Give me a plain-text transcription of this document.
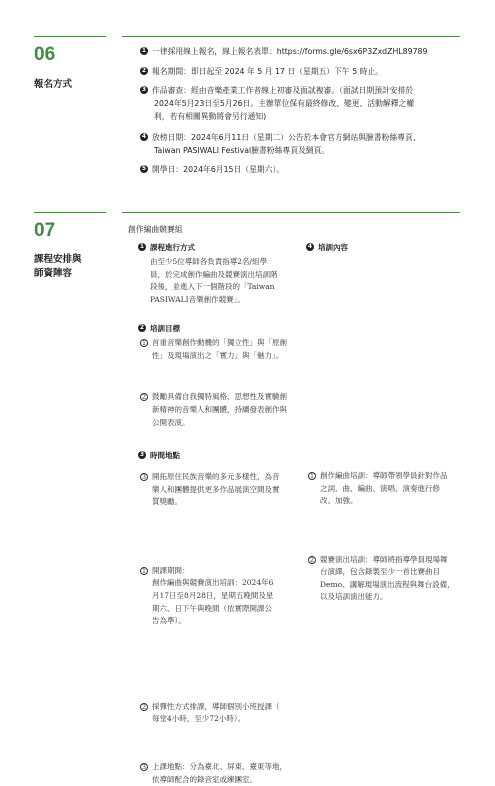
06
報名方式
1 一律採用線上報名，線上報名表單：https://forms.gle/6sx6P3ZxdZHL89789
2 報名期間：即日起至 2024 年 5 月 17 日（星期五）下午 5 時止。
3 作品審查：經由音樂產業工作者線上初審及面試複審。（面試日期預計安排於
2024年5月23日至5月26日。主辦單位保有最終修改、變更、活動解釋之權
利，若有相關異動將會另行通知)
4 放榜日期：2024年6月11日（星期二）公告於本會官方網站與臉書粉絲專頁、
Taiwan PASIWALI Festival臉書粉絲專頁及網頁。
5 開學日：2024年6月15日（星期六）。
07
課程安排與
師資陣容
創作編曲競賽組
1 課程進行方式
由至少5位導師各負責指導2名/組學
員，於完成創作編曲及競賽演出培訓階
段後，並進入下一個階段的「Taiwan
PASIWALI音樂創作競賽」。
2 培訓目標
1 首重音樂創作動機的「獨立性」與「原創
性」及現場演出之「實力」與「魅力」。
2 鼓勵具備自我獨特風格、思想性及實驗創
新精神的音樂人和團體，持續發表創作與
公開表演。
3 開拓原住民族音樂的多元多樣性，為音
樂人和團體提供更多作品展演空間及實
質獎勵。
3 時間地點
1 開課期間：
創作編曲與競賽演出培訓：2024年6
月17日至8月28日，星期五晚間及星
期六、日下午與晚間（依實際開課公
告為準）。
2 採彈性方式排課，導師個別小班授課（
每堂4小時，至少72小時）。
3 上課地點：分為臺北、屏東、臺東等地，
依導師配合的錄音室或練團室。
4 培訓內容
1 創作編曲培訓：導師帶領學員針對作品
之詞、曲、編曲、演唱、演奏進行修
改、加強。
2 競賽演出培訓：導師將指導學員現場舞
台演繹，包含錄製至少一首比賽曲目
Demo、講解現場演出流程與舞台設備，
以及培訓演出能力。
